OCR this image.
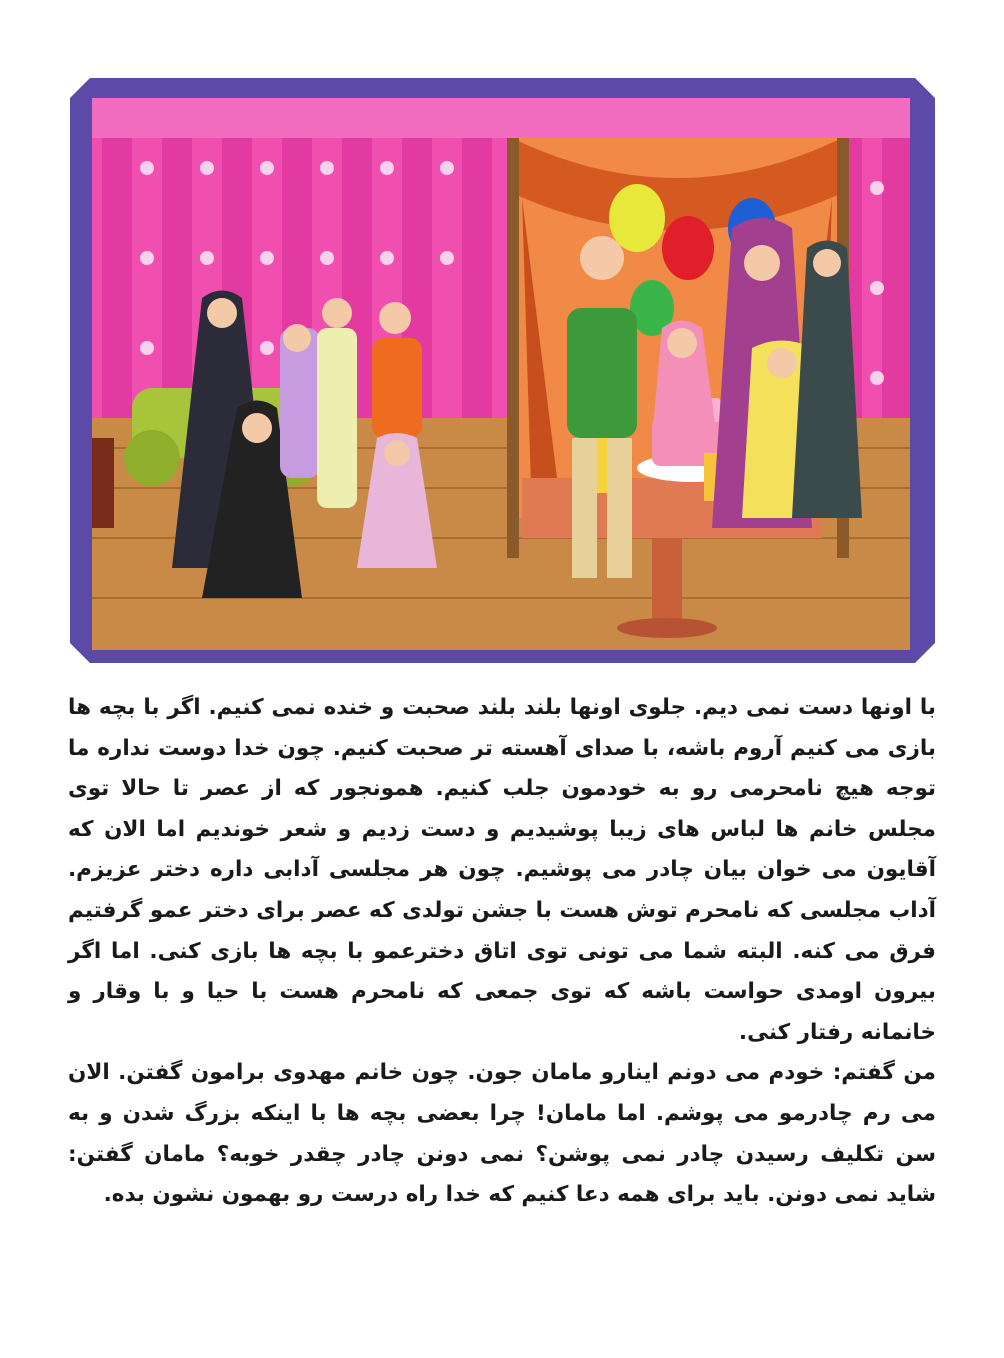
با اونها دست نمی دیم. جلوی اونها بلند بلند صحبت و خنده نمی کنیم. اگر با بچه ها بازی می کنیم آروم باشه، با صدای آهسته تر صحبت کنیم. چون خدا دوست نداره ما توجه هیچ نامحرمی رو به خودمون جلب کنیم. همونجور که از عصر تا حالا توی مجلس خانم ها لباس های زیبا پوشیدیم و دست زدیم و شعر خوندیم اما الان که آقایون می خوان بیان چادر می پوشیم. چون هر مجلسی آدابی داره دختر عزیزم. آداب مجلسی که نامحرم توش هست با جشن تولدی که عصر برای دختر عمو گرفتیم فرق می کنه. البته شما می تونی توی اتاق دخترعمو با بچه ها بازی کنی. اما اگر بیرون اومدی حواست باشه که توی جمعی که نامحرم هست با حیا و با وقار و خانمانه رفتار کنی.

من گفتم: خودم می دونم اینارو مامان جون. چون خانم مهدوی برامون گفتن. الان می رم چادرمو می پوشم. اما مامان! چرا بعضی بچه ها با اینکه بزرگ شدن و به سن تکلیف رسیدن چادر نمی پوشن؟ نمی دونن چادر چقدر خوبه؟ مامان گفتن: شاید نمی دونن. باید برای همه دعا کنیم که خدا راه درست رو بهمون نشون بده.
